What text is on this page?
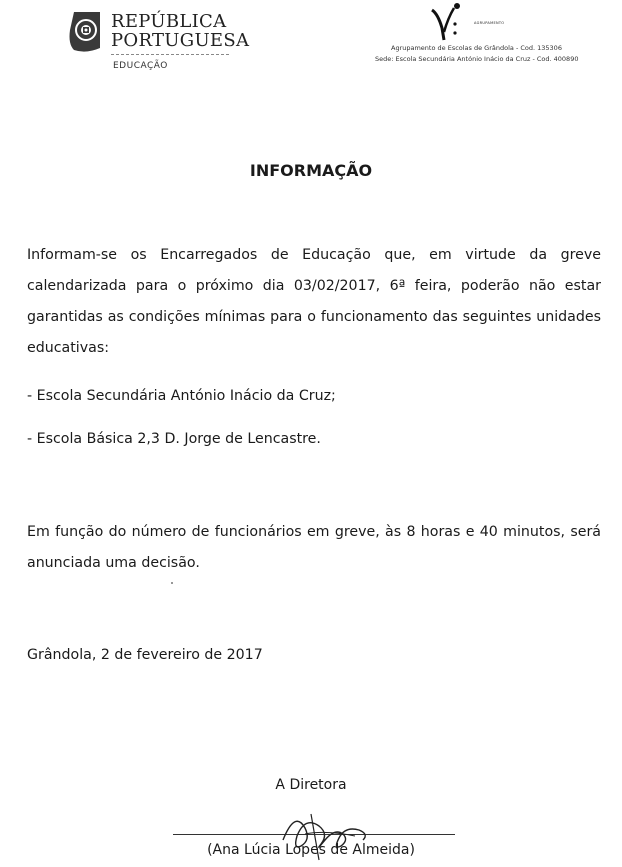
REPÚBLICA
PORTUGUESA
EDUCAÇÃO
AGRUPAMENTO
Agrupamento de Escolas de Grândola - Cod. 135306
Sede: Escola Secundária António Inácio da Cruz - Cod. 400890
INFORMAÇÃO
Informam-se os Encarregados de Educação que, em virtude da greve calendarizada para o próximo dia 03/02/2017, 6ª feira, poderão não estar garantidas as condições mínimas para o funcionamento das seguintes unidades educativas:
- Escola Secundária António Inácio da Cruz;
- Escola Básica 2,3 D. Jorge de Lencastre.
Em função do número de funcionários em greve, às 8 horas e 40 minutos, será anunciada uma decisão.
Grândola, 2 de fevereiro de 2017
A Diretora
(Ana Lúcia Lopes de Almeida)
